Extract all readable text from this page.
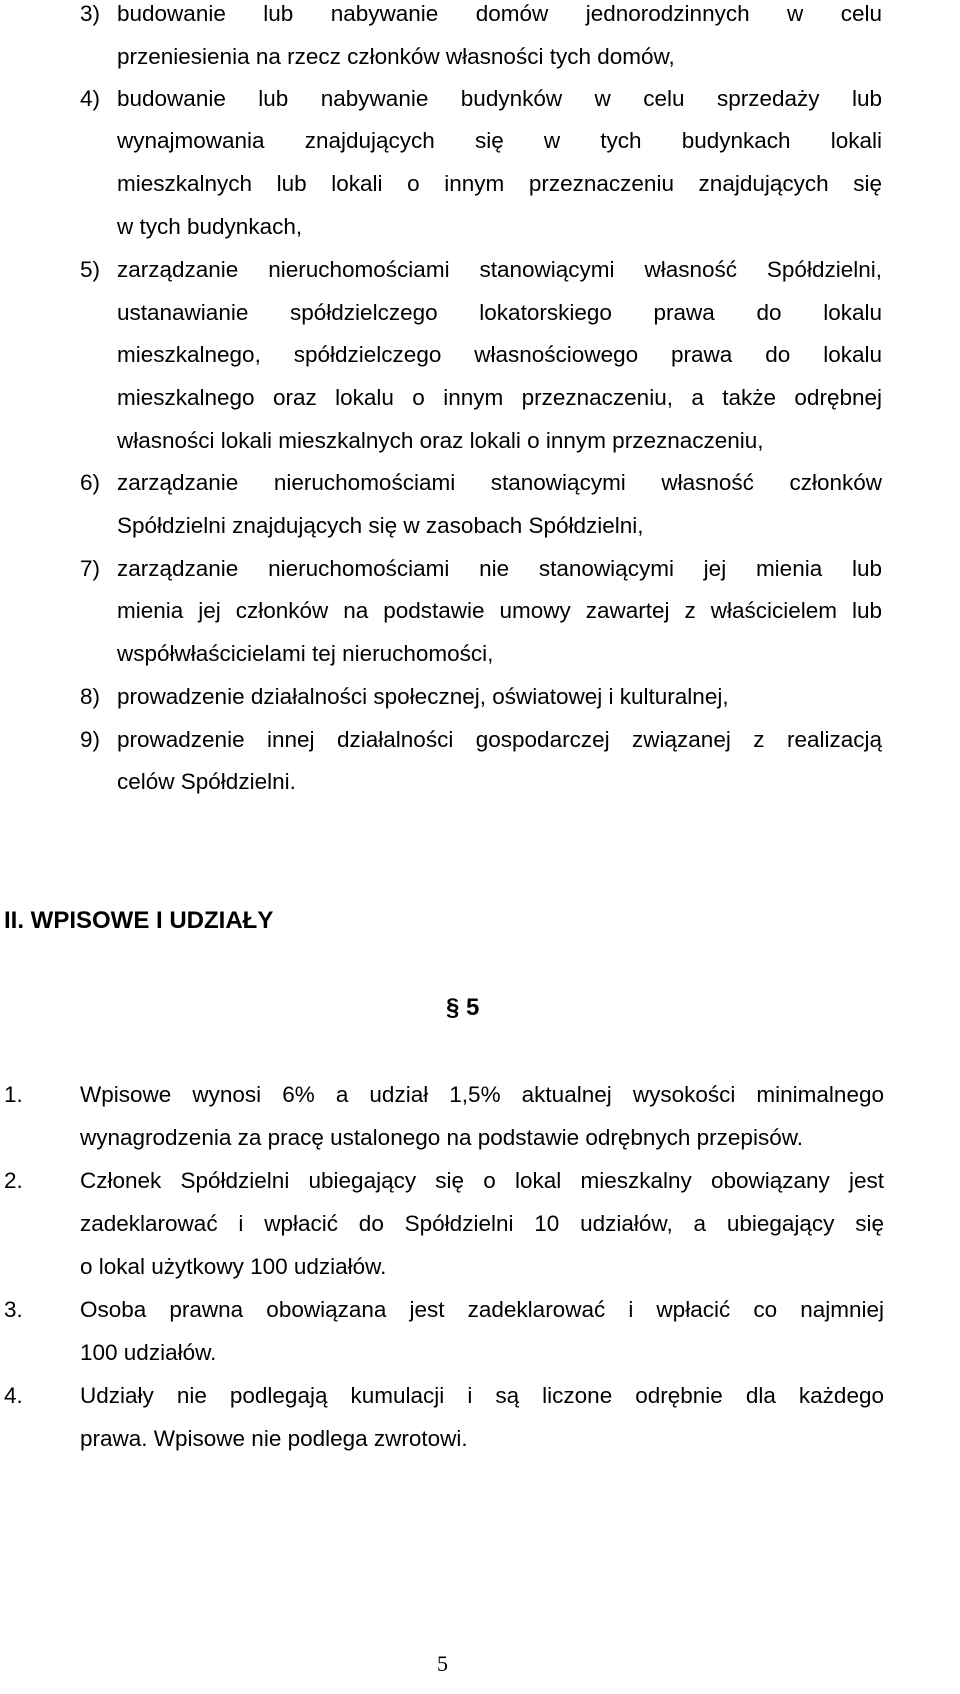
3) budowanie lub nabywanie domów jednorodzinnych w celu
przeniesienia na rzecz członków własności tych domów,
4) budowanie lub nabywanie budynków w celu sprzedaży lub
wynajmowania znajdujących się w tych budynkach lokali
mieszkalnych lub lokali o innym przeznaczeniu znajdujących się
w tych budynkach,
5) zarządzanie nieruchomościami stanowiącymi własność Spółdzielni,
ustanawianie spółdzielczego lokatorskiego prawa do lokalu
mieszkalnego, spółdzielczego własnościowego prawa do lokalu
mieszkalnego oraz lokalu o innym przeznaczeniu, a także odrębnej
własności lokali mieszkalnych oraz lokali o innym przeznaczeniu,
6) zarządzanie nieruchomościami stanowiącymi własność członków
Spółdzielni znajdujących się w zasobach Spółdzielni,
7) zarządzanie nieruchomościami nie stanowiącymi jej mienia lub
mienia jej członków na podstawie umowy zawartej z właścicielem lub
współwłaścicielami tej nieruchomości,
8) prowadzenie działalności społecznej, oświatowej i kulturalnej,
9) prowadzenie innej działalności gospodarczej związanej z realizacją
celów Spółdzielni.
II. WPISOWE I UDZIAŁY
§ 5
1.	Wpisowe wynosi 6% a udział 1,5% aktualnej wysokości minimalnego
wynagrodzenia za pracę ustalonego na podstawie odrębnych przepisów.
2.	Członek Spółdzielni ubiegający się o lokal mieszkalny obowiązany jest
zadeklarować i wpłacić do Spółdzielni 10 udziałów, a ubiegający się
o lokal użytkowy 100 udziałów.
3.	Osoba prawna obowiązana jest zadeklarować i wpłacić co najmniej
100 udziałów.
4.	Udziały nie podlegają kumulacji i są liczone odrębnie dla każdego
prawa. Wpisowe nie podlega zwrotowi.
5
